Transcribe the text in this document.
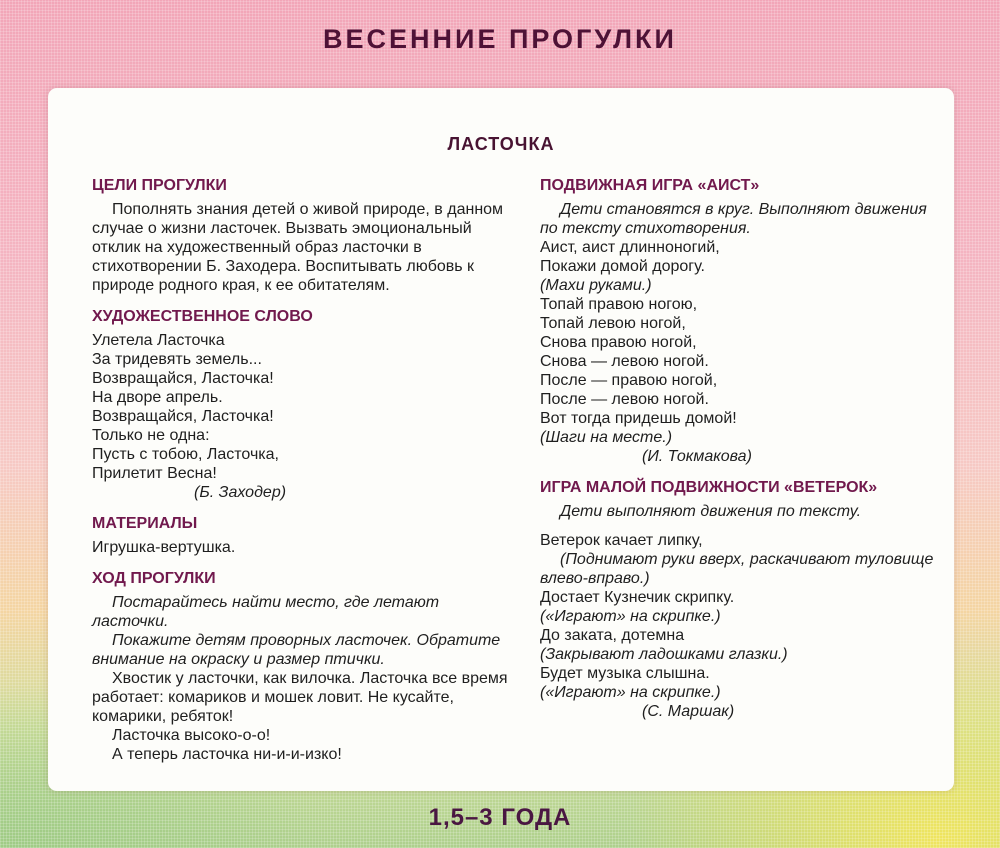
ВЕСЕННИЕ ПРОГУЛКИ
ЛАСТОЧКА
ЦЕЛИ ПРОГУЛКИ
Пополнять знания детей о живой природе, в данном случае о жизни ласточек. Вызвать эмоциональный отклик на художественный образ ласточки в стихотворении Б. Заходера. Воспитывать любовь к природе родного края, к ее обитателям.
ХУДОЖЕСТВЕННОЕ СЛОВО
Улетела Ласточка
За тридевять земель...
Возвращайся, Ласточка!
На дворе апрель.
Возвращайся, Ласточка!
Только не одна:
Пусть с тобою, Ласточка,
Прилетит Весна!
(Б. Заходер)
МАТЕРИАЛЫ
Игрушка-вертушка.
ХОД ПРОГУЛКИ
Постарайтесь найти место, где летают ласточки.
Покажите детям проворных ласточек. Обратите внимание на окраску и размер птички.
Хвостик у ласточки, как вилочка. Ласточка все время работает: комариков и мошек ловит. Не кусайте, комарики, ребяток!
Ласточка высоко-о-о!
А теперь ласточка ни-и-и-изко!
ПОДВИЖНАЯ ИГРА «АИСТ»
Дети становятся в круг. Выполняют движения по тексту стихотворения.
Аист, аист длинноногий,
Покажи домой дорогу.
(Махи руками.)
Топай правою ногою,
Топай левою ногой,
Снова правою ногой,
Снова — левою ногой.
После — правою ногой,
После — левою ногой.
Вот тогда придешь домой!
(Шаги на месте.)
(И. Токмакова)
ИГРА МАЛОЙ ПОДВИЖНОСТИ «ВЕТЕРОК»
Дети выполняют движения по тексту.
Ветерок качает липку,
(Поднимают руки вверх, раскачивают туловище влево-вправо.)
Достает Кузнечик скрипку.
(«Играют» на скрипке.)
До заката, дотемна
(Закрывают ладошками глазки.)
Будет музыка слышна.
(«Играют» на скрипке.)
(С. Маршак)
1,5–3 ГОДА
